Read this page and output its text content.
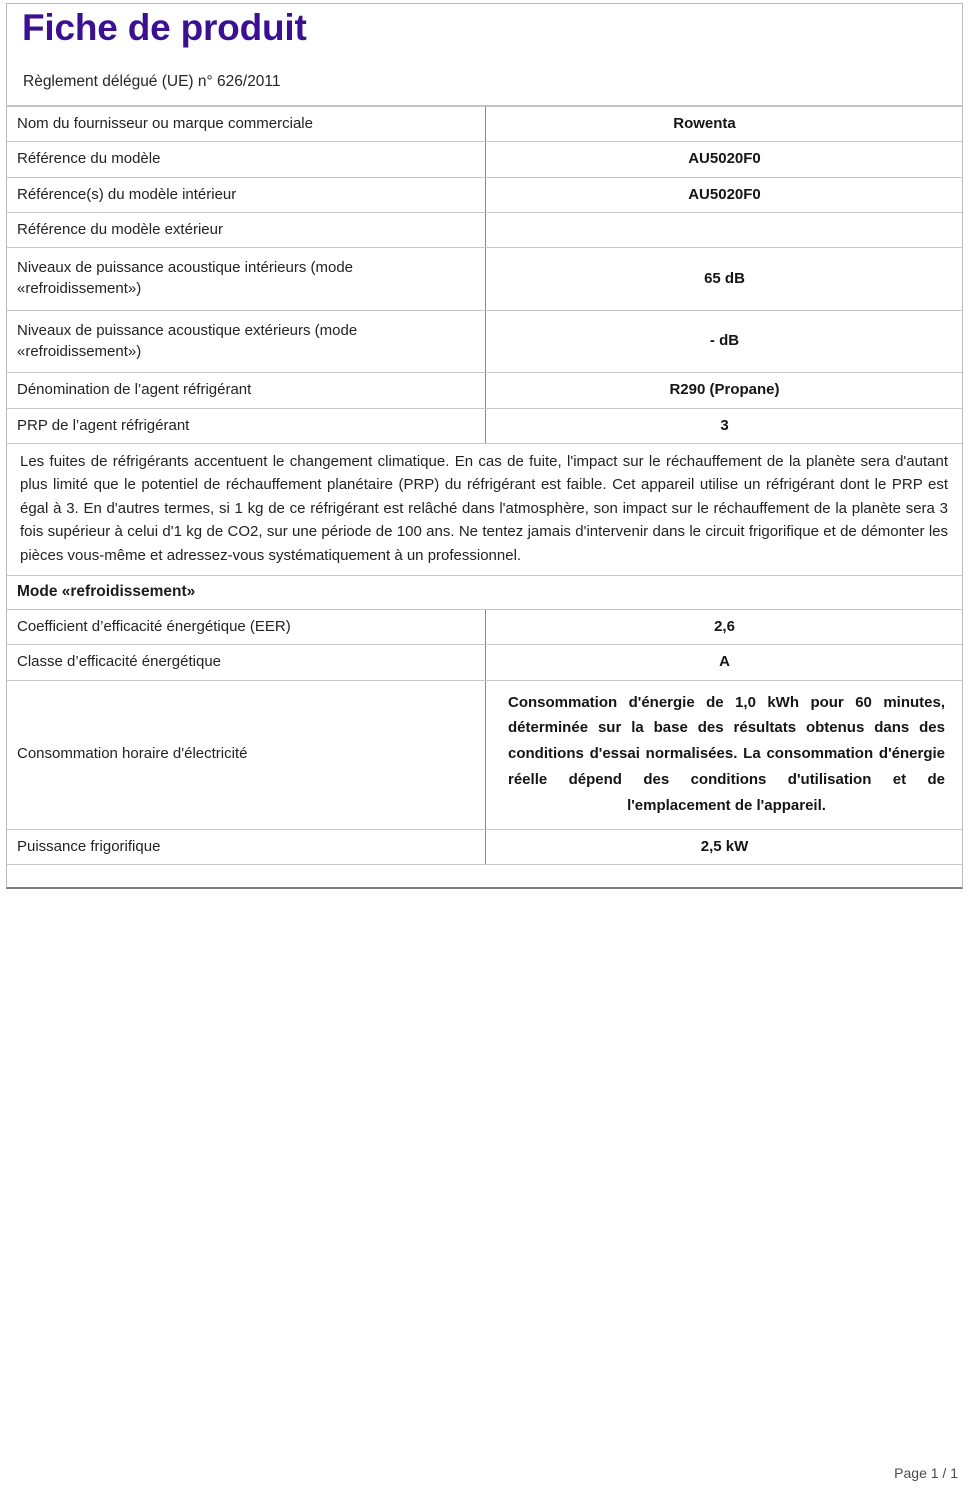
Fiche de produit
Règlement délégué (UE) n° 626/2011
Nom du fournisseur ou marque commerciale	Rowenta
Référence du modèle	AU5020F0
Référence(s) du modèle intérieur	AU5020F0
Référence du modèle extérieur	
Niveaux de puissance acoustique intérieurs (mode «refroidissement»)	65 dB
Niveaux de puissance acoustique extérieurs (mode «refroidissement»)	- dB
Dénomination de l’agent réfrigérant	R290 (Propane)
PRP de l’agent réfrigérant	3
Les fuites de réfrigérants accentuent le changement climatique. En cas de fuite, l'impact sur le réchauffement de la planète sera d'autant plus limité que le potentiel de réchauffement planétaire (PRP) du réfrigérant est faible. Cet appareil utilise un réfrigérant dont le PRP est égal à 3. En d'autres termes, si 1 kg de ce réfrigérant est relâché dans l'atmosphère, son impact sur le réchauffement de la planète sera 3 fois supérieur à celui d'1 kg de CO2, sur une période de 100 ans. Ne tentez jamais d'intervenir dans le circuit frigorifique et de démonter les pièces vous-même et adressez-vous systématiquement à un professionnel.	
Mode «refroidissement»	
Coefficient d’efficacité énergétique (EER)	2,6
Classe d’efficacité énergétique	A
Consommation horaire d'électricité	Consommation d'énergie de 1,0 kWh pour 60 minutes, déterminée sur la base des résultats obtenus dans des conditions d'essai normalisées. La consommation d'énergie réelle dépend des conditions d'utilisation et de l'emplacement de l'appareil.
Puissance frigorifique	2,5 kW
Page 1 / 1
